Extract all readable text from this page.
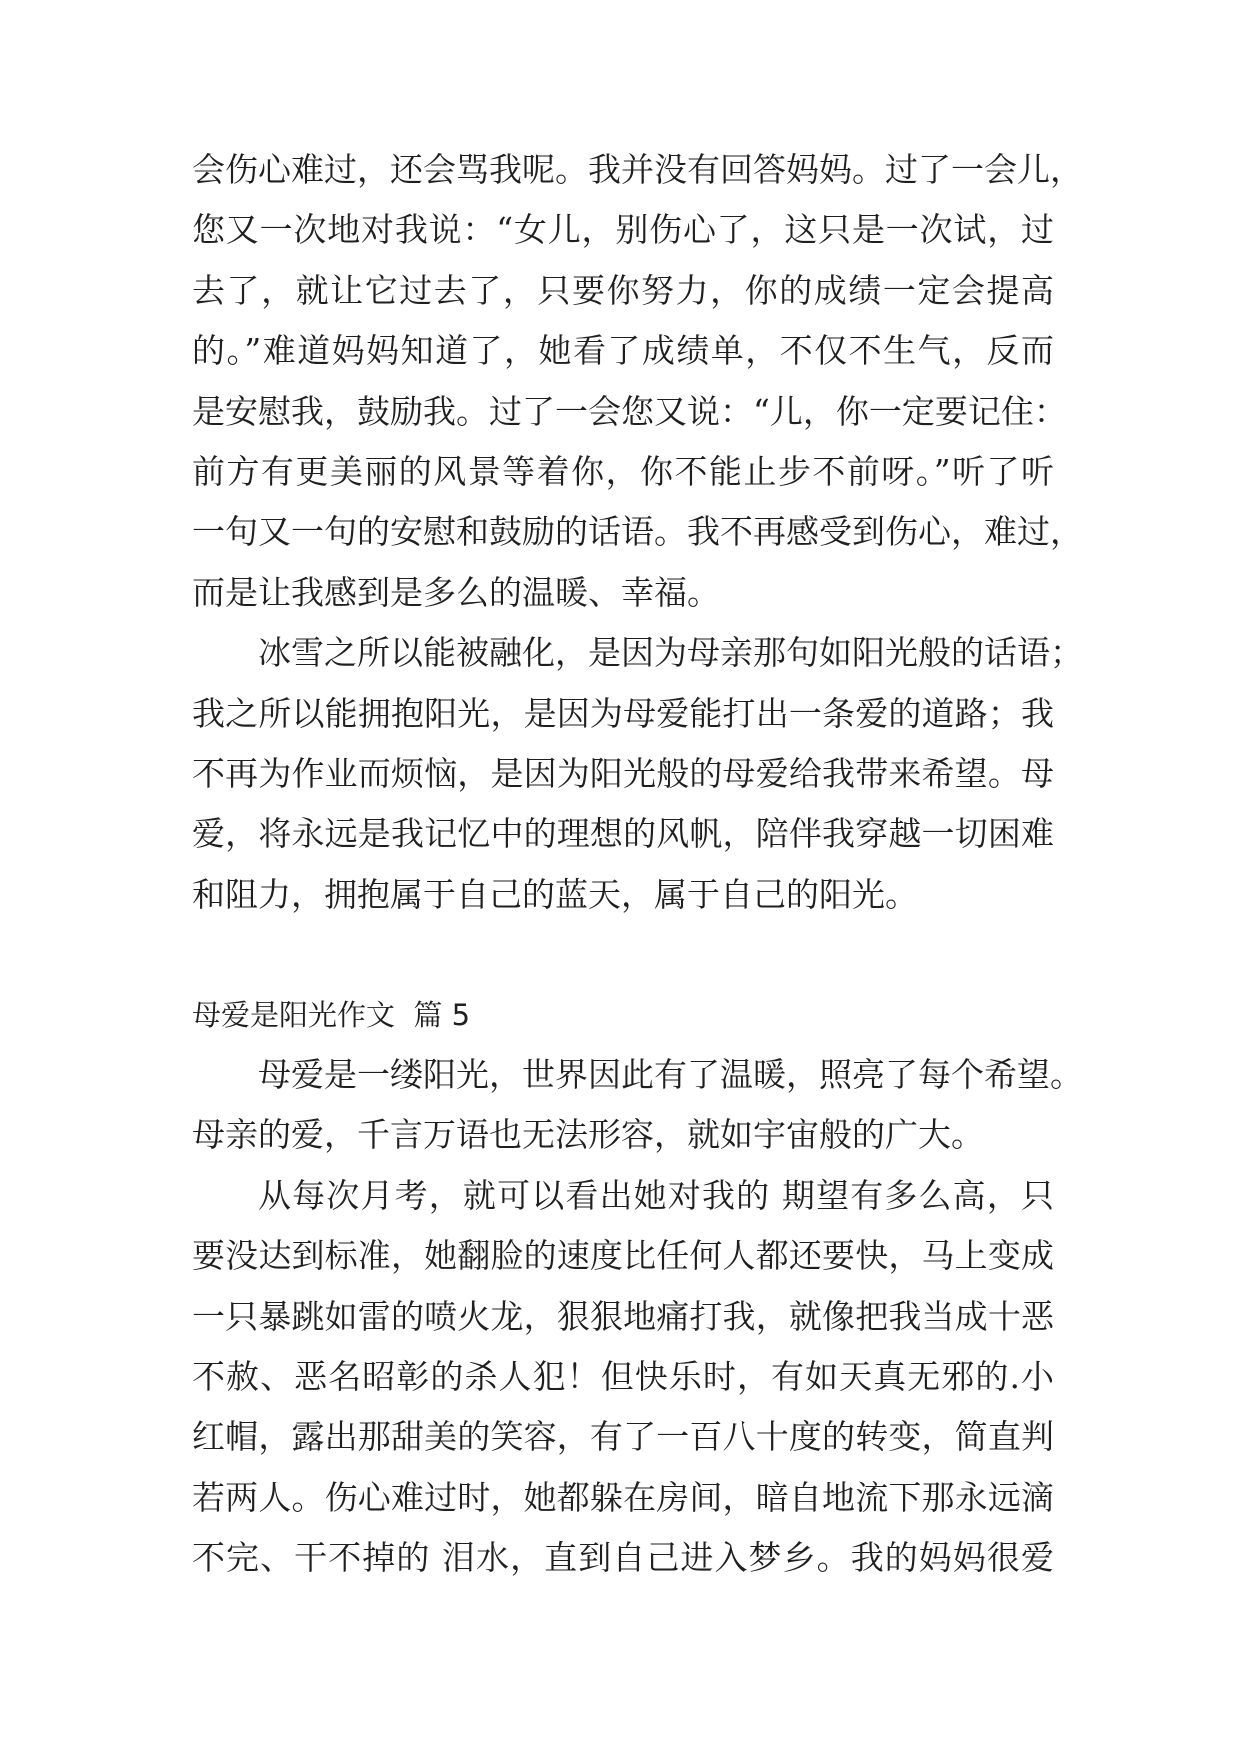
会伤心难过，还会骂我呢。我并没有回答妈妈。过了一会儿，
您又一次地对我说：“女儿，别伤心了，这只是一次试，过
去了，就让它过去了，只要你努力，你的成绩一定会提高
的。”难道妈妈知道了，她看了成绩单，不仅不生气，反而
是安慰我，鼓励我。过了一会您又说：“儿，你一定要记住：
前方有更美丽的风景等着你，你不能止步不前呀。”听了听
一句又一句的安慰和鼓励的话语。我不再感受到伤心，难过，
而是让我感到是多么的温暖、幸福。
冰雪之所以能被融化，是因为母亲那句如阳光般的话语；
我之所以能拥抱阳光，是因为母爱能打出一条爱的道路；我
不再为作业而烦恼，是因为阳光般的母爱给我带来希望。母
爱，将永远是我记忆中的理想的风帆，陪伴我穿越一切困难
和阻力，拥抱属于自己的蓝天，属于自己的阳光。
母爱是阳光作文  篇 5
母爱是一缕阳光，世界因此有了温暖，照亮了每个希望。
母亲的爱，千言万语也无法形容，就如宇宙般的广大。
从每次月考，就可以看出她对我的 期望有多么高，只
要没达到标准，她翻脸的速度比任何人都还要快，马上变成
一只暴跳如雷的喷火龙，狠狠地痛打我，就像把我当成十恶
不赦、恶名昭彰的杀人犯！但快乐时，有如天真无邪的.小
红帽，露出那甜美的笑容，有了一百八十度的转变，简直判
若两人。伤心难过时，她都躲在房间，暗自地流下那永远滴
不完、干不掉的 泪水，直到自己进入梦乡。我的妈妈很爱
